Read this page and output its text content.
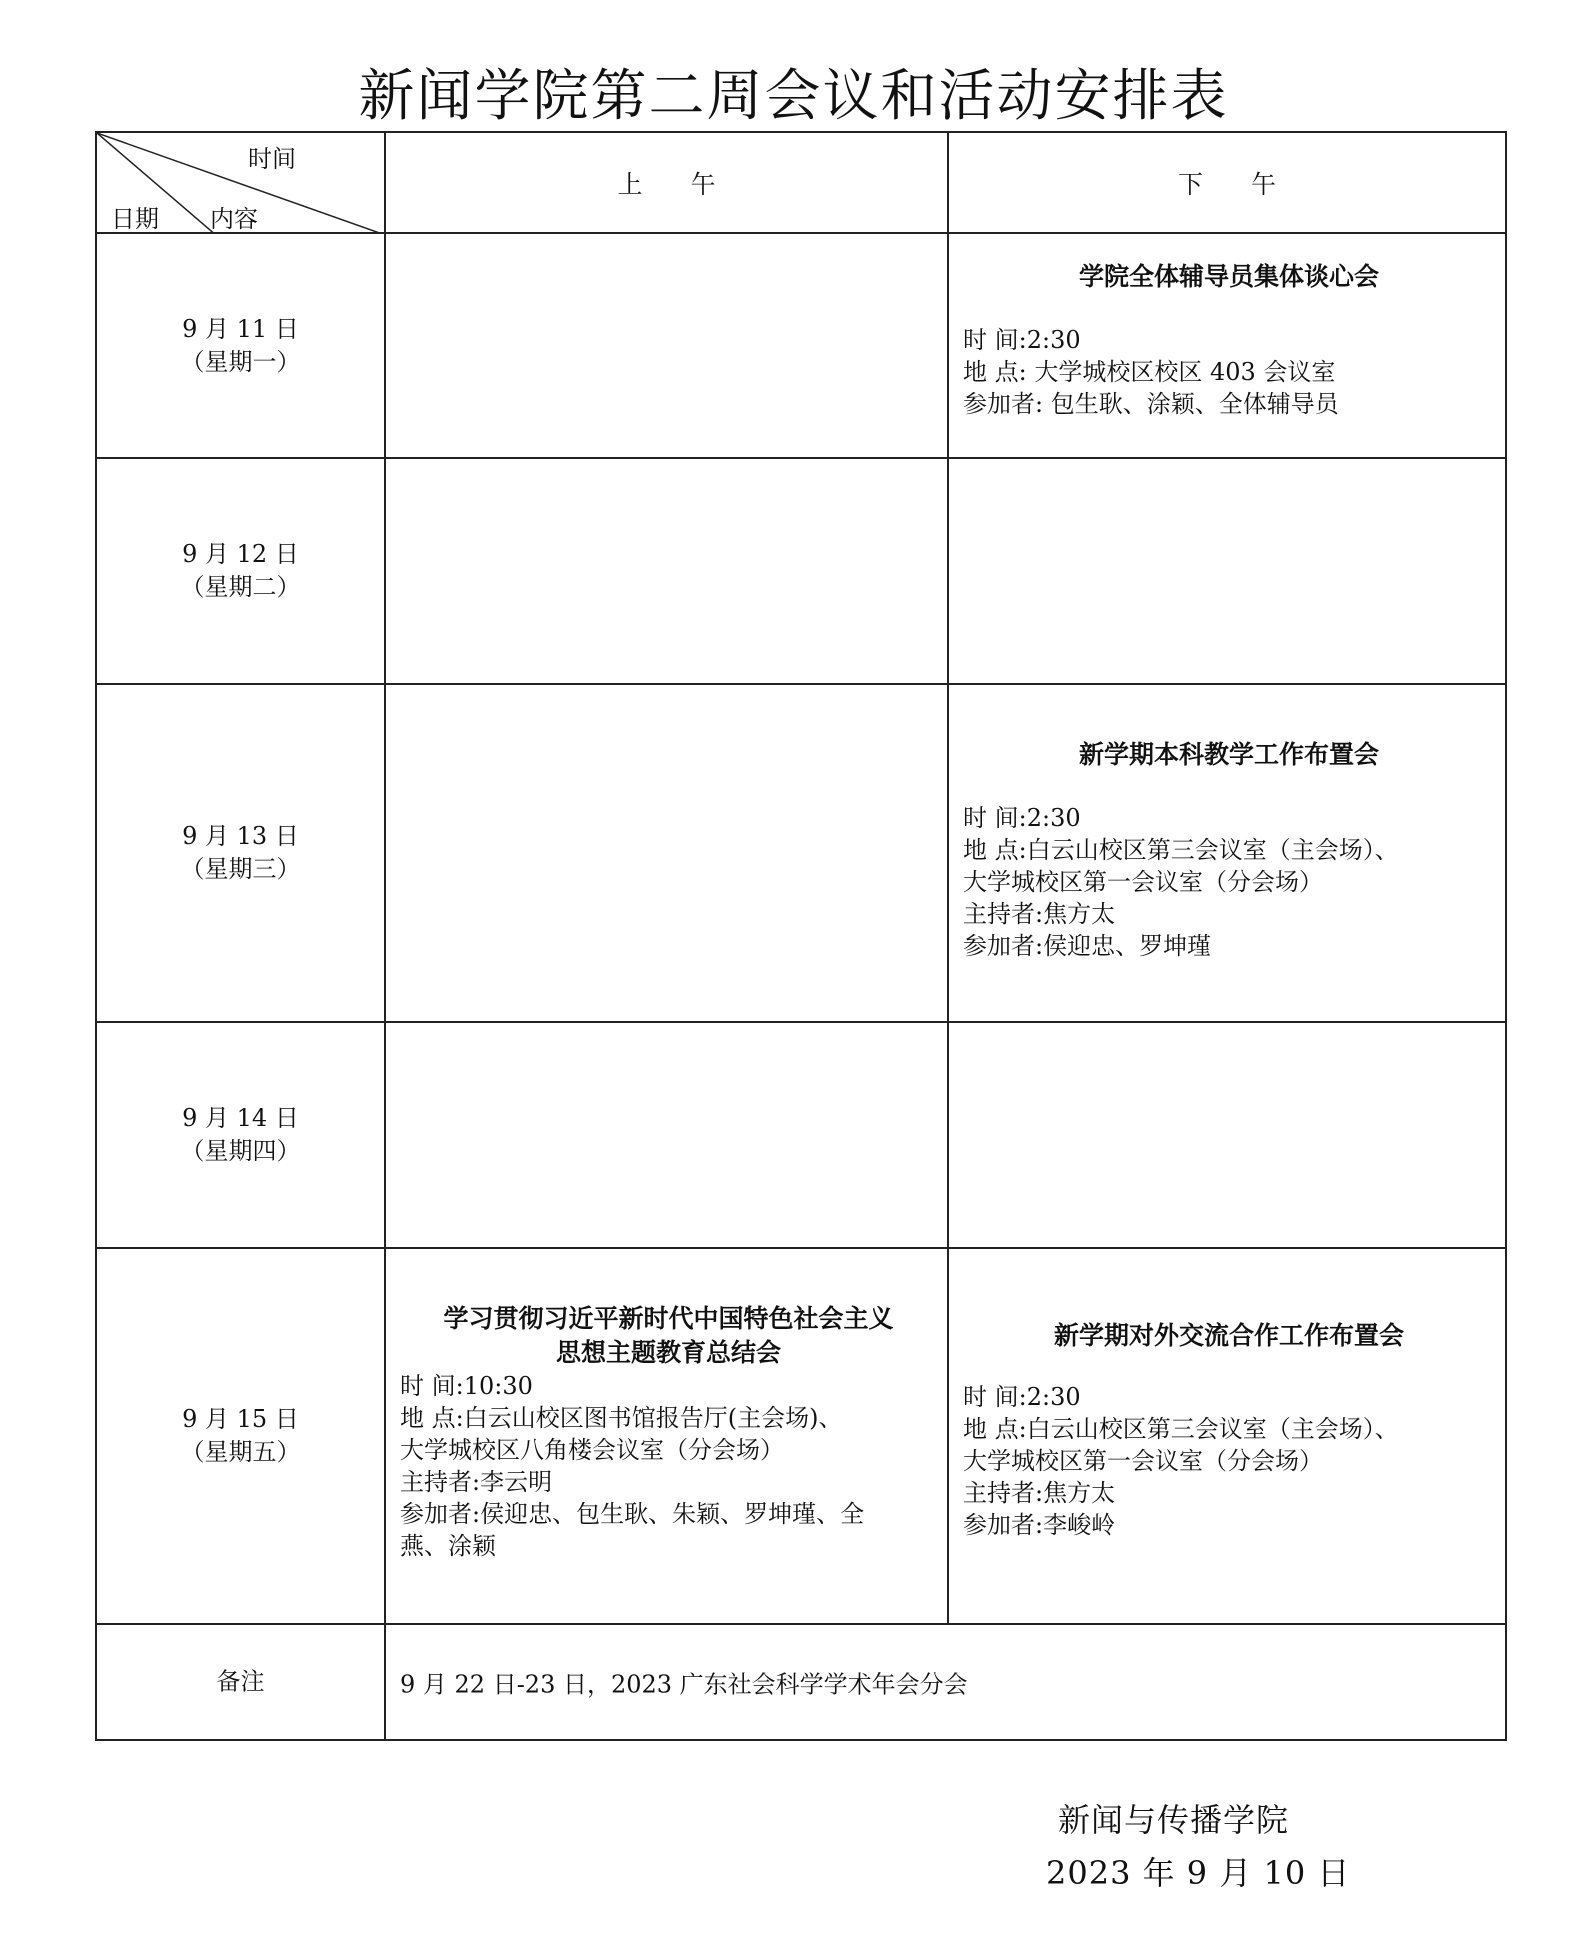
新闻学院第二周会议和活动安排表
时间
日期 内容
上 午	下 午
9 月 11 日
（星期一）
学院全体辅导员集体谈心会
时 间:2:30
地 点: 大学城校区校区 403 会议室
参加者: 包生耿、涂颖、全体辅导员
9 月 12 日
（星期二）
9 月 13 日
（星期三）
新学期本科教学工作布置会
时 间:2:30
地 点:白云山校区第三会议室（主会场）、
大学城校区第一会议室（分会场）
主持者:焦方太
参加者:侯迎忠、罗坤瑾
9 月 14 日
（星期四）
9 月 15 日
（星期五）
学习贯彻习近平新时代中国特色社会主义
思想主题教育总结会
时 间:10:30
地 点:白云山校区图书馆报告厅(主会场)、
大学城校区八角楼会议室（分会场）
主持者:李云明
参加者:侯迎忠、包生耿、朱颖、罗坤瑾、全
燕、涂颖
新学期对外交流合作工作布置会
时 间:2:30
地 点:白云山校区第三会议室（主会场）、
大学城校区第一会议室（分会场）
主持者:焦方太
参加者:李峻岭
备注	9 月 22 日-23 日，2023 广东社会科学学术年会分会
新闻与传播学院
2023 年 9 月 10 日
